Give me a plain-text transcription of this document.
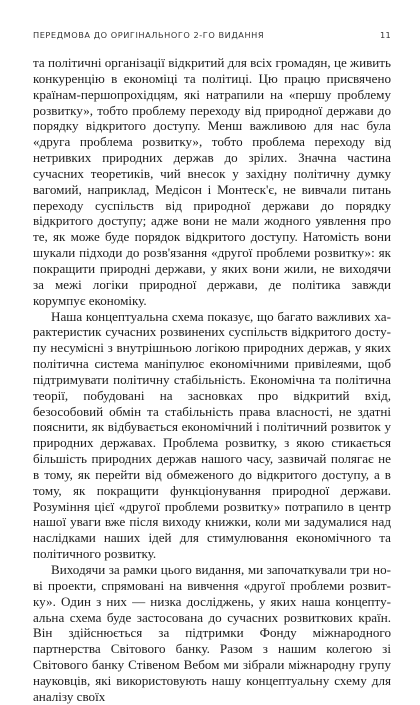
ПЕРЕДМОВА ДО ОРИГІНАЛЬНОГО 2-ГО ВИДАННЯ	11

та політичні організації відкритий для всіх громадян, це живить конкуренцію в економіці та політиці. Цю працю присвячено країнам-першопрохідцям, які натрапили на «першу проблему розвитку», тобто проблему переходу від природної держави до порядку відкритого доступу. Менш важливою для нас була «друга проблема розвитку», тобто проблема переходу від нетривких природних держав до зрілих. Значна частина сучасних теоретиків, чий внесок у західну політичну думку вагомий, наприклад, Медісон і Монтеск'є, не вивчали питань переходу суспільств від природної держави до порядку відкритого доступу; адже вони не мали жодного уявлення про те, як може буде порядок відкритого доступу. Натомість вони шукали підходи до розв'язання «другої проблеми розвитку»: як покращити природні держави, у яких вони жили, не виходячи за межі логіки природної держави, де політика завжди корумпує економіку.

Наша концептуальна схема показує, що багато важливих характеристик сучасних розвинених суспільств відкритого доступу несумісні з внутрішньою логікою природних держав, у яких політична система маніпулює економічними привілеями, щоб підтримувати політичну стабільність. Економічна та політична теорії, побудовані на засновках про відкритий вхід, безособовий обмін та стабільність права власності, не здатні пояснити, як відбувається економічний і політичний розвиток у природних державах. Проблема розвитку, з якою стикається більшість природних держав нашого часу, зазвичай полягає не в тому, як перейти від обмеженого до відкритого доступу, а в тому, як покращити функціонування природної держави. Розуміння цієї «другої проблеми розвитку» потрапило в центр нашої уваги вже після виходу книжки, коли ми задумалися над наслідками наших ідей для стимулювання економічного та політичного розвитку.

Виходячи за рамки цього видання, ми започаткували три нові проекти, спрямовані на вивчення «другої проблеми розвитку». Один з них — низка досліджень, у яких наша концептуальна схема буде застосована до сучасних розвиткових країн. Він здійснюється за підтримки Фонду міжнародного партнерства Світового банку. Разом з нашим колегою зі Світового банку Стівеном Вебом ми зібрали міжнародну групу науковців, які використовують нашу концептуальну схему для аналізу своїх
